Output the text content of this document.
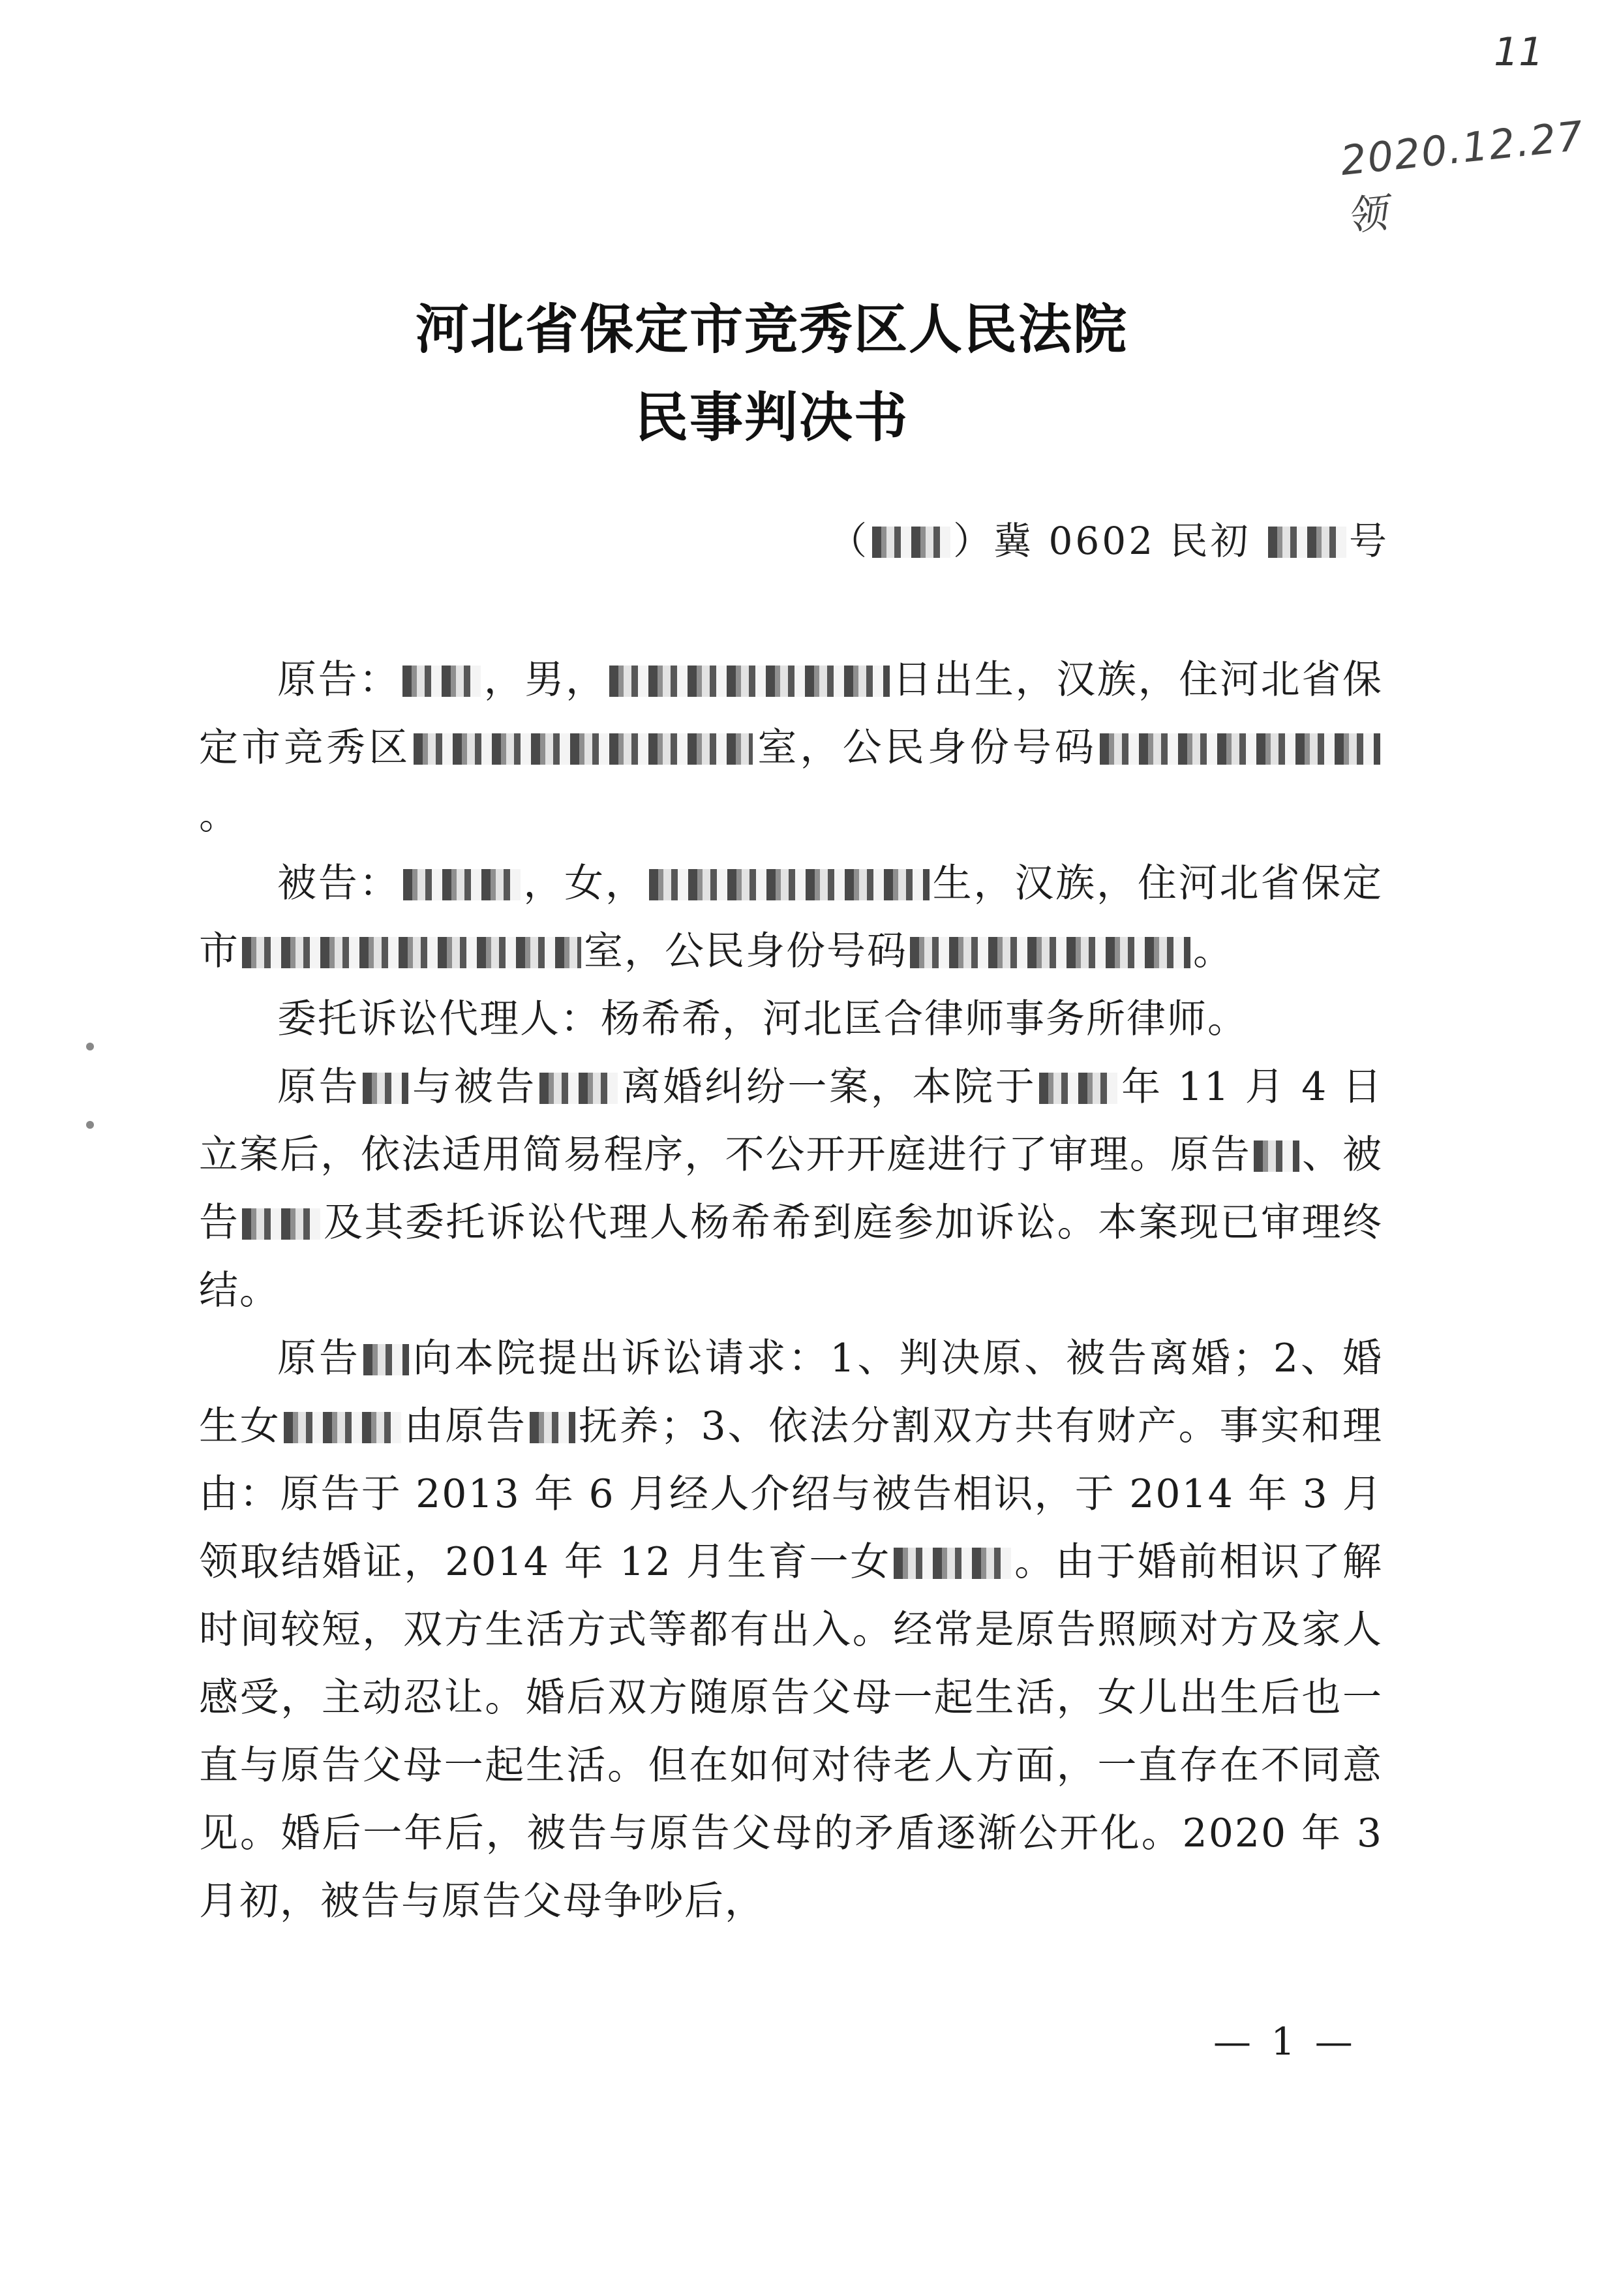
11
2020.12.27领
河北省保定市竞秀区人民法院
民事判决书
（ ）冀 0602 民初	号

原告： ，男，	日出生，汉族，住河北省保定市竞秀区	室，公民身份号码。

被告：	，女，	生，汉族，住河北省保定市	室，公民身份号码	。

委托诉讼代理人：杨希希，河北匡合律师事务所律师。

原告 与被告 离婚纠纷一案，本院于 年 11 月 4 日立案后，依法适用简易程序，不公开开庭进行了审理。原告 、被告 及其委托诉讼代理人杨希希到庭参加诉讼。本案现已审理终结。

原告 向本院提出诉讼请求：1、判决原、被告离婚；2、婚生女	由原告 抚养；3、依法分割双方共有财产。事实和理由：原告于 2013 年 6 月经人介绍与被告相识，于 2014 年 3 月领取结婚证，2014 年 12 月生育一女	。由于婚前相识了解时间较短，双方生活方式等都有出入。经常是原告照顾对方及家人感受，主动忍让。婚后双方随原告父母一起生活，女儿出生后也一直与原告父母一起生活。但在如何对待老人方面，一直存在不同意见。婚后一年后，被告与原告父母的矛盾逐渐公开化。2020 年 3 月初，被告与原告父母争吵后，

— 1 —
